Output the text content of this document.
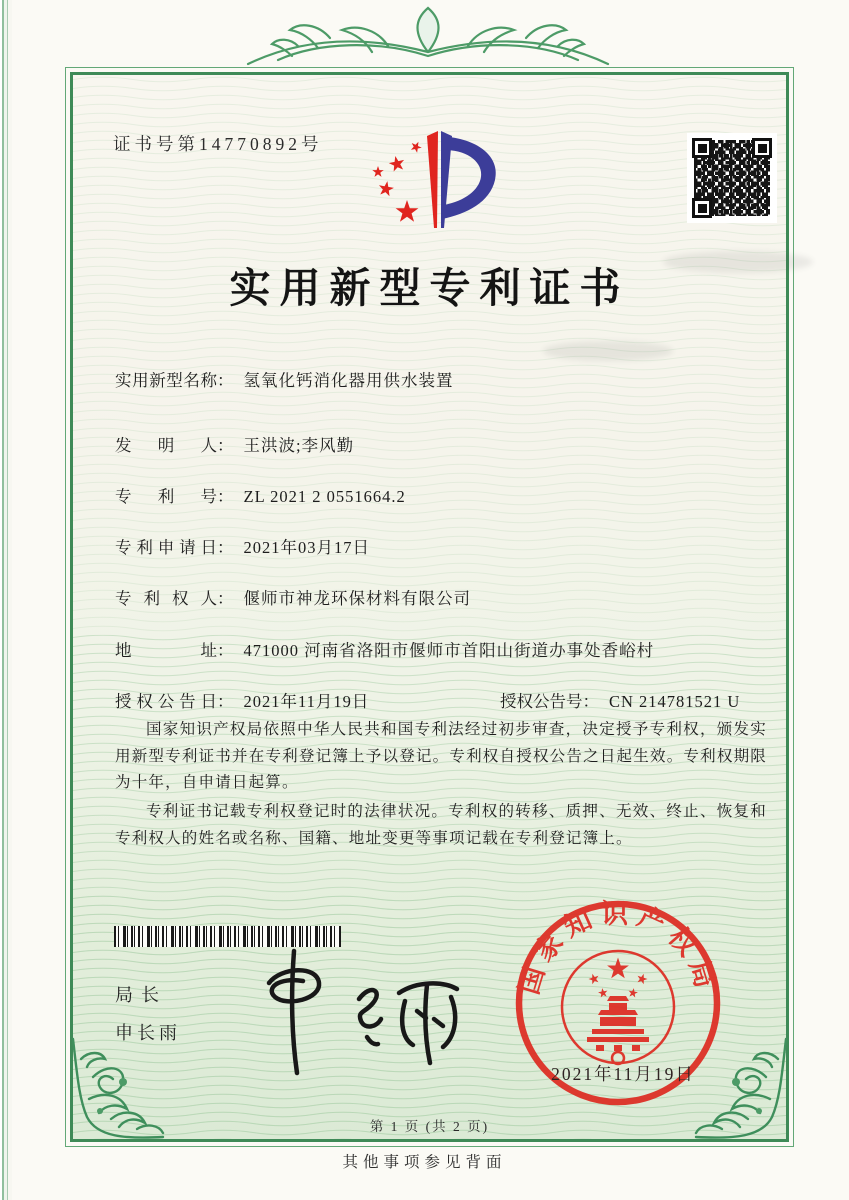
证书号第14770892号
实用新型专利证书
实用新型名称： 氢氧化钙消化器用供水装置
发明人： 王洪波;李风勤
专利号： ZL 2021 2 0551664.2
专利申请日： 2021年03月17日
专利权人： 偃师市神龙环保材料有限公司
地址： 471000 河南省洛阳市偃师市首阳山街道办事处香峪村
授权公告日： 2021年11月19日	授权公告号： CN 214781521 U

国家知识产权局依照中华人民共和国专利法经过初步审查，决定授予专利权，颁发实用新型专利证书并在专利登记簿上予以登记。专利权自授权公告之日起生效。专利权期限为十年，自申请日起算。

专利证书记载专利权登记时的法律状况。专利权的转移、质押、无效、终止、恢复和专利权人的姓名或名称、国籍、地址变更等事项记载在专利登记簿上。

局长
申长雨
国家知识产权局
2021年11月19日
第 1 页 (共 2 页)
其他事项参见背面
